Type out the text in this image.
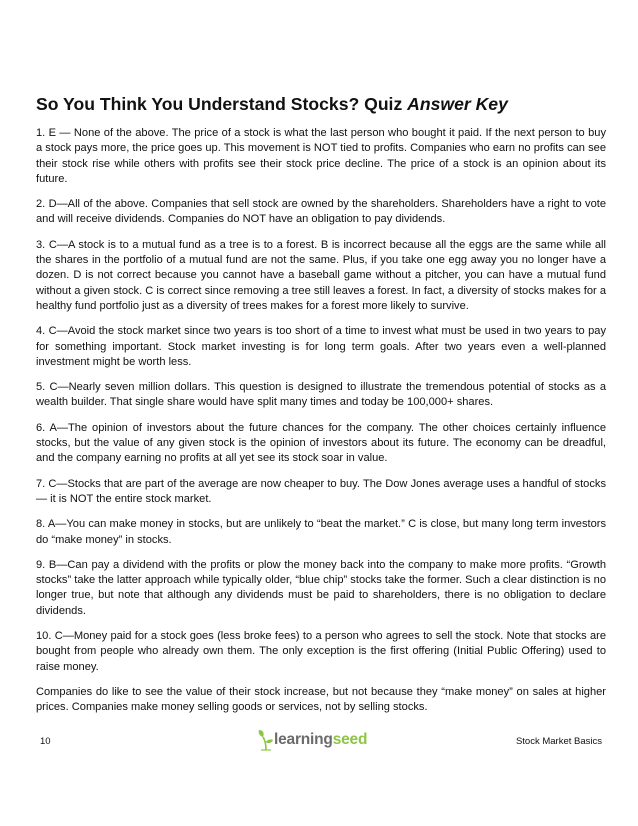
So You Think You Understand Stocks? Quiz Answer Key

1. E — None of the above. The price of a stock is what the last person who bought it paid. If the next person to buy a stock pays more, the price goes up. This movement is NOT tied to profits. Companies who earn no profits can see their stock rise while others with profits see their stock price decline. The price of a stock is an opinion about its future.

2. D—All of the above. Companies that sell stock are owned by the shareholders. Shareholders have a right to vote and will receive dividends. Companies do NOT have an obligation to pay dividends.

3. C—A stock is to a mutual fund as a tree is to a forest. B is incorrect because all the eggs are the same while all the shares in the portfolio of a mutual fund are not the same. Plus, if you take one egg away you no longer have a dozen. D is not correct because you cannot have a baseball game without a pitcher, you can have a mutual fund without a given stock. C is correct since removing a tree still leaves a forest. In fact, a diversity of stocks makes for a healthy fund portfolio just as a diversity of trees makes for a forest more likely to survive.

4. C—Avoid the stock market since two years is too short of a time to invest what must be used in two years to pay for something important. Stock market investing is for long term goals. After two years even a well-planned investment might be worth less.

5. C—Nearly seven million dollars. This question is designed to illustrate the tremendous potential of stocks as a wealth builder. That single share would have split many times and today be 100,000+ shares.

6. A—The opinion of investors about the future chances for the company. The other choices certainly influence stocks, but the value of any given stock is the opinion of investors about its future. The economy can be dreadful, and the company earning no profits at all yet see its stock soar in value.

7. C—Stocks that are part of the average are now cheaper to buy. The Dow Jones average uses a handful of stocks — it is NOT the entire stock market.

8. A—You can make money in stocks, but are unlikely to “beat the market.” C is close, but many long term investors do “make money” in stocks.

9. B—Can pay a dividend with the profits or plow the money back into the company to make more profits. “Growth stocks” take the latter approach while typically older, “blue chip” stocks take the former. Such a clear distinction is no longer true, but note that although any dividends must be paid to shareholders, there is no obligation to declare dividends.

10. C—Money paid for a stock goes (less broke fees) to a person who agrees to sell the stock. Note that stocks are bought from people who already own them. The only exception is the first offering (Initial Public Offering) used to raise money.

Companies do like to see the value of their stock increase, but not because they “make money” on sales at higher prices. Companies make money selling goods or services, not by selling stocks.

10	learningseed	Stock Market Basics
